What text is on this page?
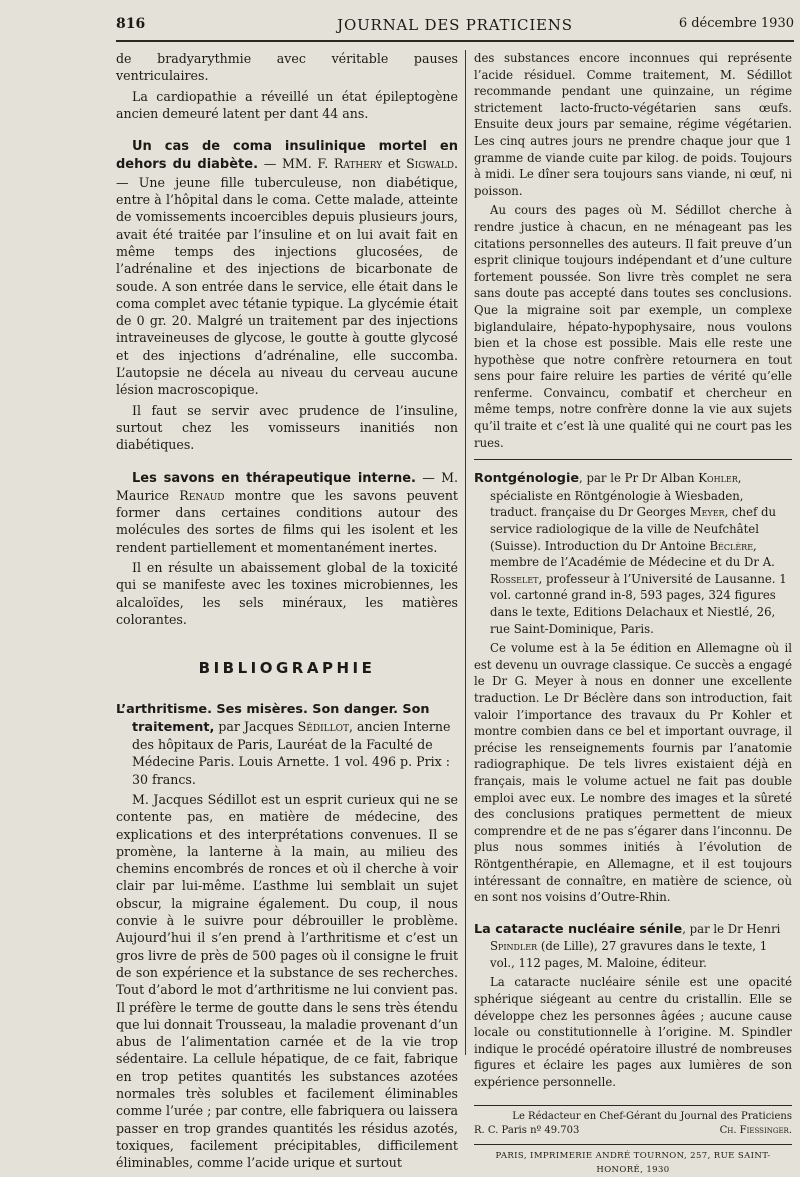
816	JOURNAL DES PRATICIENS	6 décembre 1930

de bradyarythmie avec véritable pauses ventriculaires.

La cardiopathie a réveillé un état épileptogène ancien demeuré latent per dant 44 ans.

Un cas de coma insulinique mortel en dehors du diabète. — MM. F. Rathery et Sigwald. — Une jeune fille tuberculeuse, non diabétique, entre à l’hôpital dans le coma. Cette malade, atteinte de vomissements incoercibles depuis plusieurs jours, avait été traitée par l’insuline et on lui avait fait en même temps des injections glucosées, de l’adrénaline et des injections de bicarbonate de soude. A son entrée dans le service, elle était dans le coma complet avec tétanie typique. La glycémie était de 0 gr. 20. Malgré un traitement par des injections intraveineuses de glycose, le goutte à goutte glycosé et des injections d’adrénaline, elle succomba. L’autopsie ne décela au niveau du cerveau aucune lésion macroscopique.

Il faut se servir avec prudence de l’insuline, surtout chez les vomisseurs inanitiés non diabétiques.

Les savons en thérapeutique interne. — M. Maurice Renaud montre que les savons peuvent former dans certaines conditions autour des molécules des sortes de films qui les isolent et les rendent partiellement et momentanément inertes.

Il en résulte un abaissement global de la toxicité qui se manifeste avec les toxines microbiennes, les alcaloïdes, les sels minéraux, les matières colorantes.

BIBLIOGRAPHIE

L’arthritisme. Ses misères. Son danger. Son traitement, par Jacques Sédillot, ancien Interne des hôpitaux de Paris, Lauréat de la Faculté de Médecine Paris. Louis Arnette. 1 vol. 496 p. Prix : 30 francs.

M. Jacques Sédillot est un esprit curieux qui ne se contente pas, en matière de médecine, des explications et des interprétations convenues. Il se promène, la lanterne à la main, au milieu des chemins encombrés de ronces et où il cherche à voir clair par lui-même. L’asthme lui semblait un sujet obscur, la migraine également. Du coup, il nous convie à le suivre pour débrouiller le problème. Aujourd’hui il s’en prend à l’arthritisme et c’est un gros livre de près de 500 pages où il consigne le fruit de son expérience et la substance de ses recherches. Tout d’abord le mot d’arthritisme ne lui convient pas. Il préfère le terme de goutte dans le sens très étendu que lui donnait Trousseau, la maladie provenant d’un abus de l’alimentation carnée et de la vie trop sédentaire. La cellule hépatique, de ce fait, fabrique en trop petites quantités les substances azotées normales très solubles et facilement éliminables comme l’urée ; par contre, elle fabriquera ou laissera passer en trop grandes quantités les résidus azotés, toxiques, facilement précipitables, difficilement éliminables, comme l’acide urique et surtout

des substances encore inconnues qui représente l’acide résiduel. Comme traitement, M. Sédillot recommande pendant une quinzaine, un régime strictement lacto-fructo-végétarien sans œufs. Ensuite deux jours par semaine, régime végétarien. Les cinq autres jours ne prendre chaque jour que 1 gramme de viande cuite par kilog. de poids. Toujours à midi. Le dîner sera toujours sans viande, ni œuf, ni poisson.

Au cours des pages où M. Sédillot cherche à rendre justice à chacun, en ne ménageant pas les citations personnelles des auteurs. Il fait preuve d’un esprit clinique toujours indépendant et d’une culture fortement poussée. Son livre très complet ne sera sans doute pas accepté dans toutes ses conclusions. Que la migraine soit par exemple, un complexe biglandulaire, hépato-hypophysaire, nous voulons bien et la chose est possible. Mais elle reste une hypothèse que notre confrère retournera en tout sens pour faire reluire les parties de vérité qu’elle renferme. Convaincu, combatif et chercheur en même temps, notre confrère donne la vie aux sujets qu’il traite et c’est là une qualité qui ne court pas les rues.

Rontgénologie, par le Pr Dr Alban Kohler, spécialiste en Röntgénologie à Wiesbaden, traduct. française du Dr Georges Meyer, chef du service radiologique de la ville de Neufchâtel (Suisse). Introduction du Dr Antoine Béclère, membre de l’Académie de Médecine et du Dr A. Rosselet, professeur à l’Université de Lausanne. 1 vol. cartonné grand in-8, 593 pages, 324 figures dans le texte, Editions Delachaux et Niestlé, 26, rue Saint-Dominique, Paris.

Ce volume est à la 5e édition en Allemagne où il est devenu un ouvrage classique. Ce succès a engagé le Dr G. Meyer à nous en donner une excellente traduction. Le Dr Béclère dans son introduction, fait valoir l’importance des travaux du Pr Kohler et montre combien dans ce bel et important ouvrage, il précise les renseignements fournis par l’anatomie radiographique. De tels livres existaient déjà en français, mais le volume actuel ne fait pas double emploi avec eux. Le nombre des images et la sûreté des conclusions pratiques permettent de mieux comprendre et de ne pas s’égarer dans l’inconnu. De plus nous sommes initiés à l’évolution de Röntgenthérapie, en Allemagne, et il est toujours intéressant de connaître, en matière de science, où en sont nos voisins d’Outre-Rhin.

La cataracte nucléaire sénile, par le Dr Henri Spindler (de Lille), 27 gravures dans le texte, 1 vol., 112 pages, M. Maloine, éditeur.

La cataracte nucléaire sénile est une opacité sphérique siégeant au centre du cristallin. Elle se développe chez les personnes âgées ; aucune cause locale ou constitutionnelle à l’origine. M. Spindler indique le procédé opératoire illustré de nombreuses figures et éclaire les pages aux lumières de son expérience personnelle.

Le Rédacteur en Chef-Gérant du Journal des Praticiens
R. C. Paris nº 49.703	Ch. Fiessinger.
PARIS, IMPRIMERIE ANDRÉ TOURNON, 257, RUE SAINT-HONORÉ, 1930
